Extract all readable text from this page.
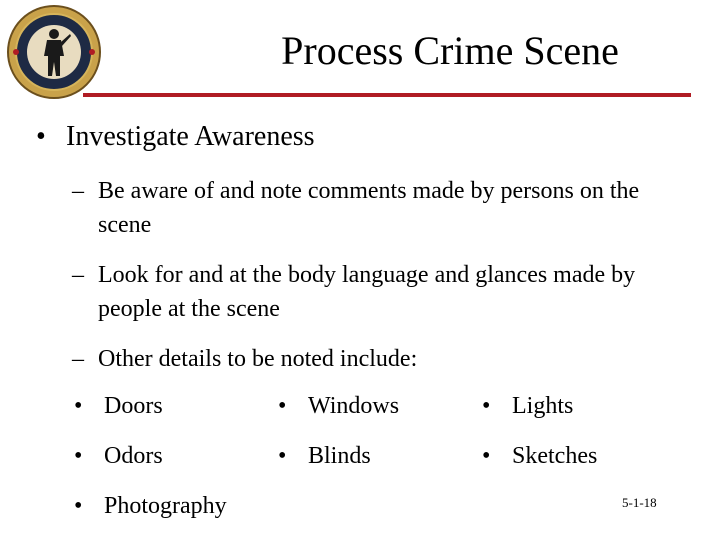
Process Crime Scene
• Investigate Awareness
– Be aware of and note comments made by persons on the scene
– Look for and at the body language and glances made by people at the scene
– Other details to be noted include:
• Doors	• Windows	• Lights
• Odors	• Blinds	• Sketches
• Photography	5-1-18
